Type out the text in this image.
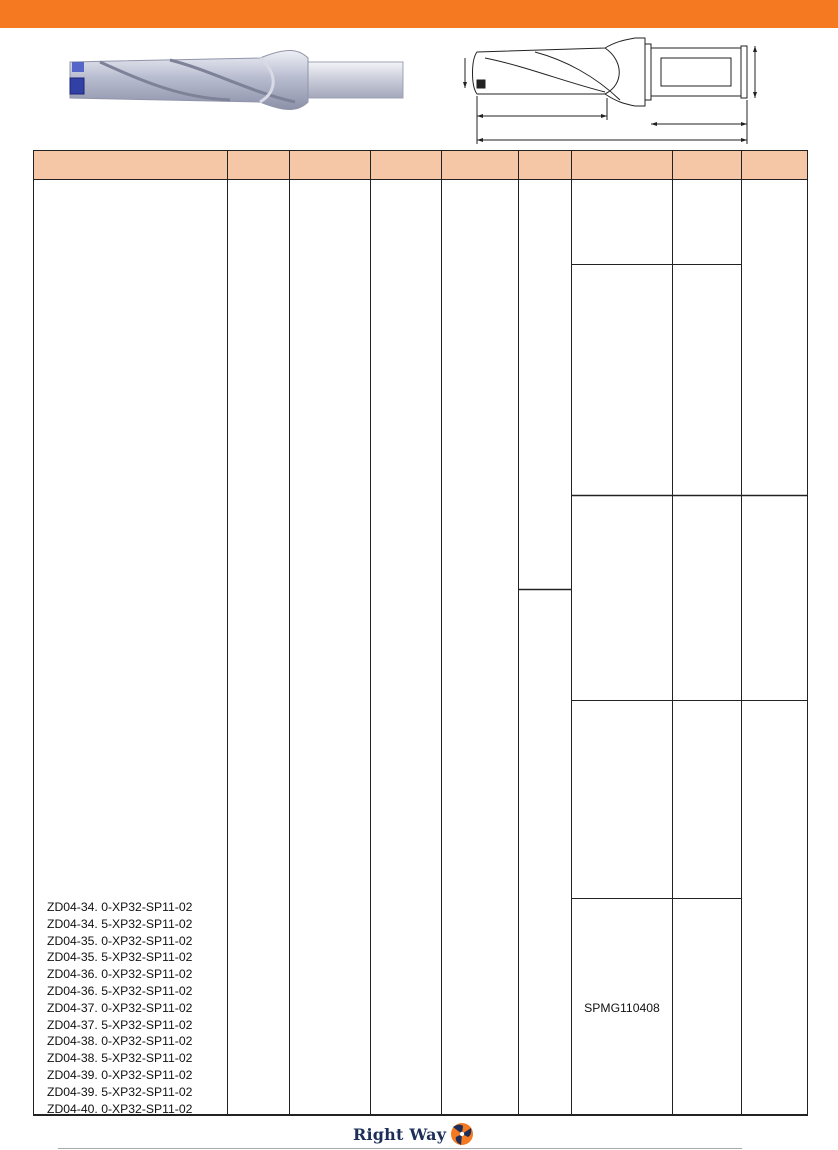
ZD04-34. 0-XP32-SP11-02
ZD04-34. 5-XP32-SP11-02
ZD04-35. 0-XP32-SP11-02
ZD04-35. 5-XP32-SP11-02
ZD04-36. 0-XP32-SP11-02
ZD04-36. 5-XP32-SP11-02
ZD04-37. 0-XP32-SP11-02
ZD04-37. 5-XP32-SP11-02
ZD04-38. 0-XP32-SP11-02
ZD04-38. 5-XP32-SP11-02
ZD04-39. 0-XP32-SP11-02
ZD04-39. 5-XP32-SP11-02
ZD04-40. 0-XP32-SP11-02
SPMG110408
Right Way
